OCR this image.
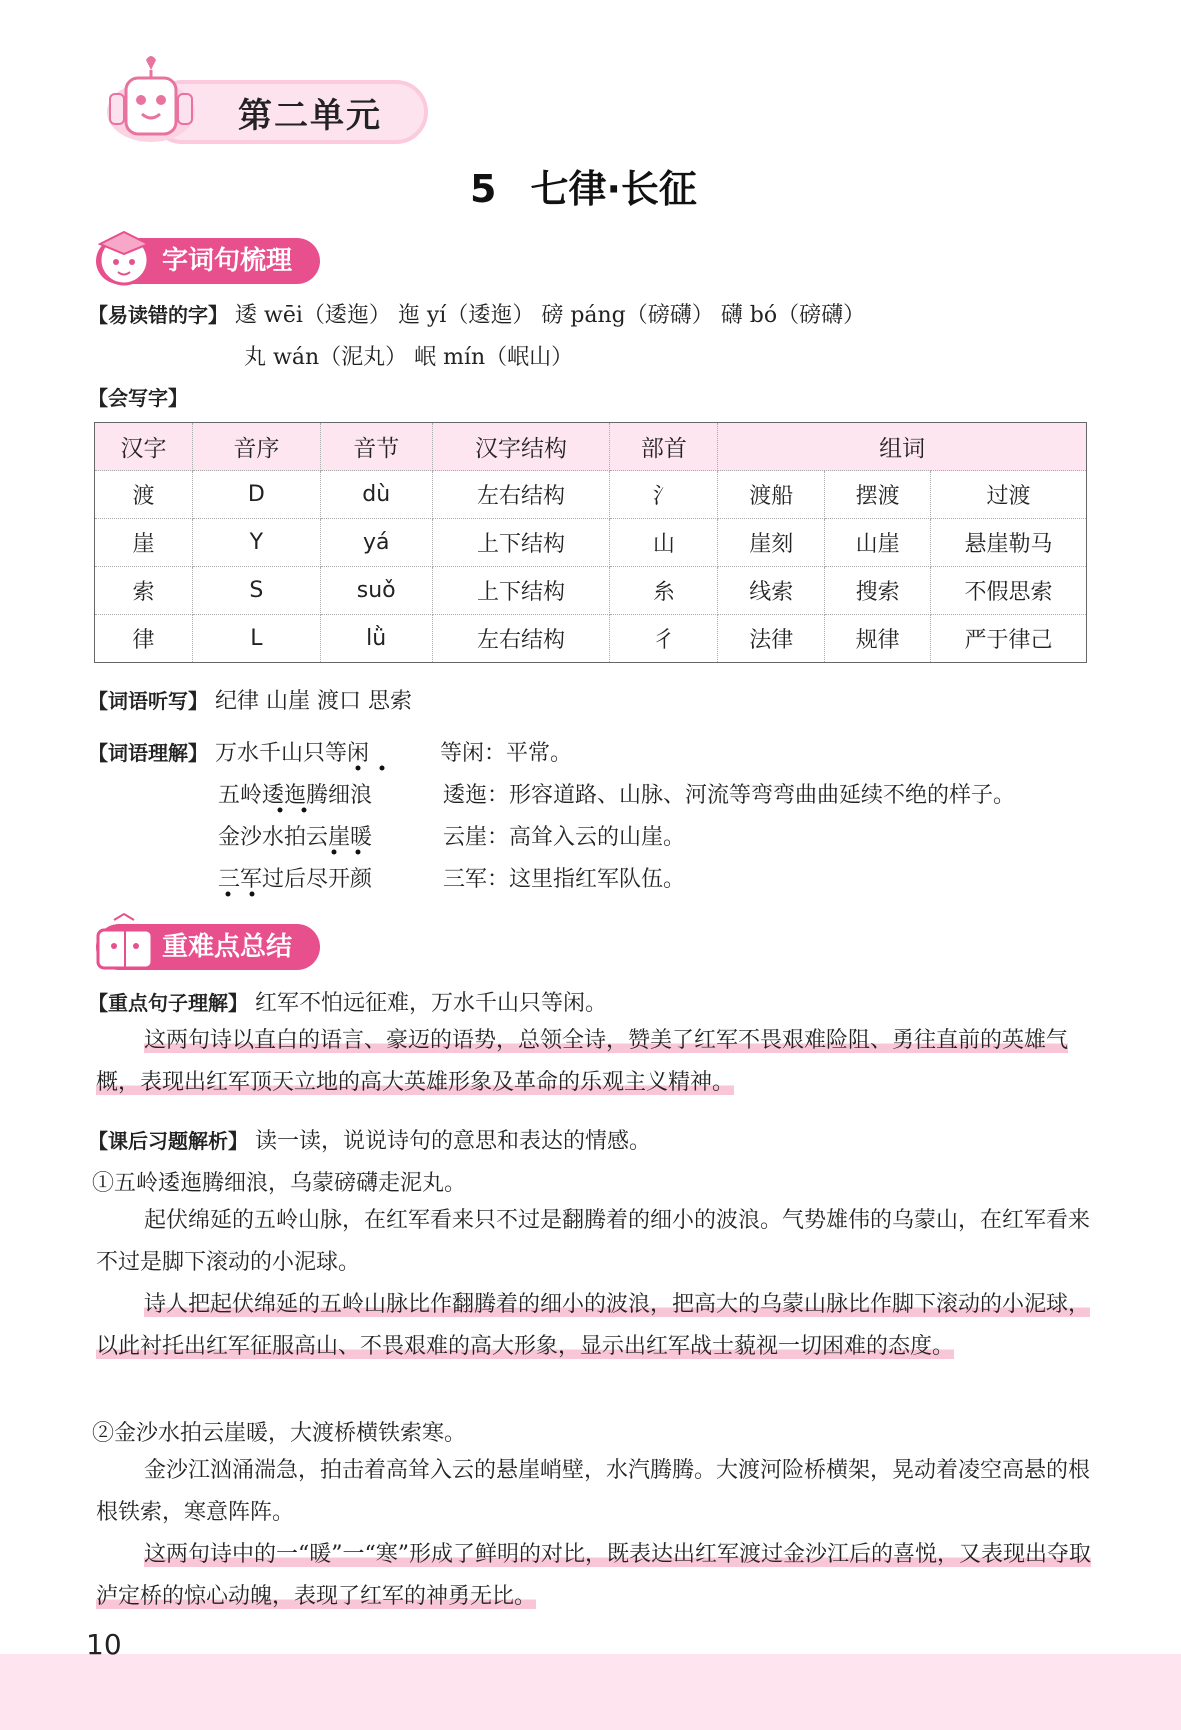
第二单元
5 七律·长征
字词句梳理
【易读错的字】 逶 wēi（逶迤） 迤 yí（逶迤） 磅 páng（磅礴） 礴 bó（磅礴）
丸 wán（泥丸） 岷 mín（岷山）
【会写字】
汉字	音序	音节	汉字结构	部首	组词		
渡	D	dù	左右结构	氵	渡船	摆渡	过渡
崖	Y	yá	上下结构	山	崖刻	山崖	悬崖勒马
索	S	suǒ	上下结构	糸	线索	搜索	不假思索
律	L	lǜ	左右结构	彳	法律	规律	严于律己
【词语听写】 纪律 山崖 渡口 思索
【词语理解】 万水千山只等闲	等闲：平常。
五岭逶迤腾细浪	逶迤：形容道路、山脉、河流等弯弯曲曲延续不绝的样子。
金沙水拍云崖暖	云崖：高耸入云的山崖。
三军过后尽开颜	三军：这里指红军队伍。
重难点总结
【重点句子理解】 红军不怕远征难，万水千山只等闲。
这两句诗以直白的语言、豪迈的语势，总领全诗，赞美了红军不畏艰难险阻、勇往直前的英雄气概，表现出红军顶天立地的高大英雄形象及革命的乐观主义精神。
【课后习题解析】 读一读，说说诗句的意思和表达的情感。
①五岭逶迤腾细浪，乌蒙磅礴走泥丸。
起伏绵延的五岭山脉，在红军看来只不过是翻腾着的细小的波浪。气势雄伟的乌蒙山，在红军看来不过是脚下滚动的小泥球。
诗人把起伏绵延的五岭山脉比作翻腾着的细小的波浪，把高大的乌蒙山脉比作脚下滚动的小泥球，以此衬托出红军征服高山、不畏艰难的高大形象，显示出红军战士藐视一切困难的态度。
②金沙水拍云崖暖，大渡桥横铁索寒。
金沙江汹涌湍急，拍击着高耸入云的悬崖峭壁，水汽腾腾。大渡河险桥横架，晃动着凌空高悬的根根铁索，寒意阵阵。
这两句诗中的一“暖”一“寒”形成了鲜明的对比，既表达出红军渡过金沙江后的喜悦，又表现出夺取泸定桥的惊心动魄，表现了红军的神勇无比。
10
